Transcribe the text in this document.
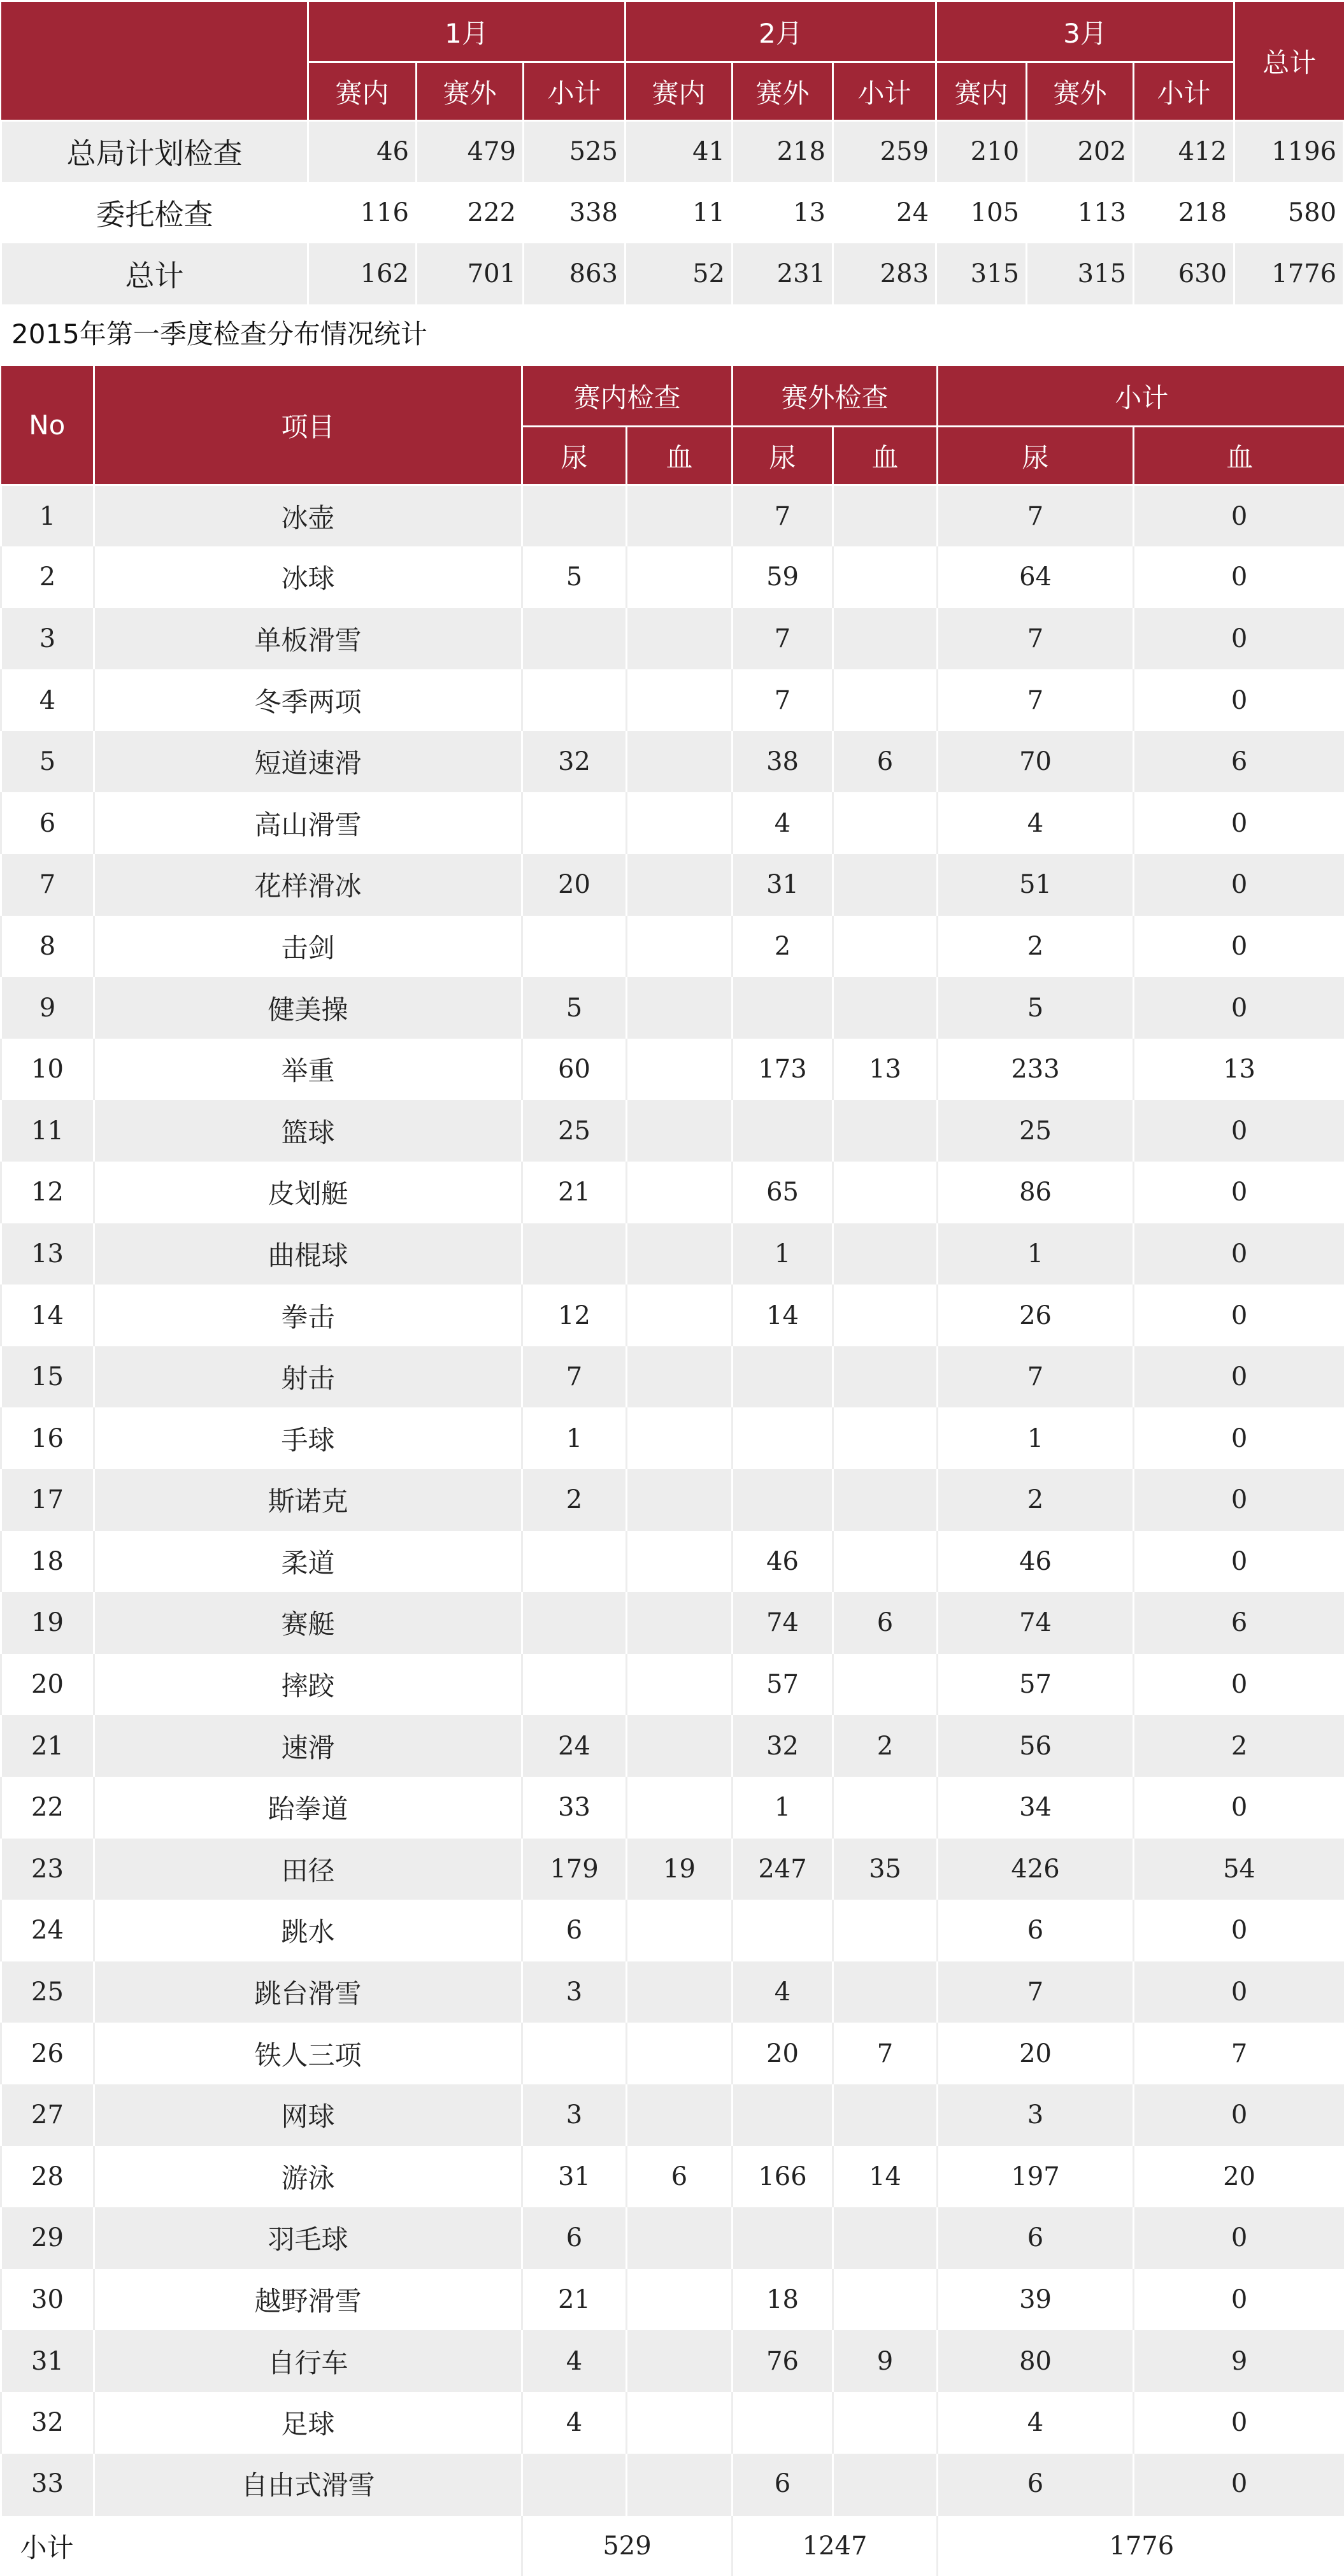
	1月			2月			3月			总计
	赛内	赛外	小计	赛内	赛外	小计	赛内	赛外	小计	
总局计划检查	46	479	525	41	218	259	210	202	412	1196
委托检查	116	222	338	11	13	24	105	113	218	580
总计	162	701	863	52	231	283	315	315	630	1776
2015年第一季度检查分布情况统计
No	项目	赛内检查		赛外检查		小计	
		尿	血	尿	血	尿	血
1	冰壶			7		7	0
2	冰球	5		59		64	0
3	单板滑雪			7		7	0
4	冬季两项			7		7	0
5	短道速滑	32		38	6	70	6
6	高山滑雪			4		4	0
7	花样滑冰	20		31		51	0
8	击剑			2		2	0
9	健美操	5				5	0
10	举重	60		173	13	233	13
11	篮球	25				25	0
12	皮划艇	21		65		86	0
13	曲棍球			1		1	0
14	拳击	12		14		26	0
15	射击	7				7	0
16	手球	1				1	0
17	斯诺克	2				2	0
18	柔道			46		46	0
19	赛艇			74	6	74	6
20	摔跤			57		57	0
21	速滑	24		32	2	56	2
22	跆拳道	33		1		34	0
23	田径	179	19	247	35	426	54
24	跳水	6				6	0
25	跳台滑雪	3		4		7	0
26	铁人三项			20	7	20	7
27	网球	3				3	0
28	游泳	31	6	166	14	197	20
29	羽毛球	6				6	0
30	越野滑雪	21		18		39	0
31	自行车	4		76	9	80	9
32	足球	4				4	0
33	自由式滑雪			6		6	0
小计		529		1247		1776	
